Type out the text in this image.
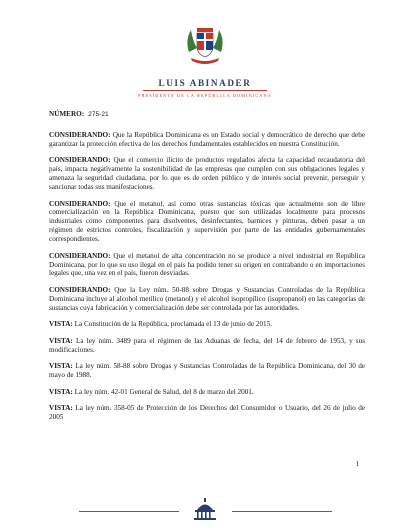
LUIS ABINADER
PRESIDENTE DE LA REPÚBLICA DOMINICANA
NÚMERO: 275-21

CONSIDERANDO: Que la República Dominicana es un Estado social y democrático de derecho que debe garantizar la protección efectiva de los derechos fundamentales establecidos en nuestra Constitución.

CONSIDERANDO: Que el comercio ilícito de productos regulados afecta la capacidad recaudatoria del país, impacta negativamente la sostenibilidad de las empresas que cumplen con sus obligaciones legales y amenaza la seguridad ciudadana, por lo que es de orden público y de interés social prevenir, perseguir y sancionar todas sus manifestaciones.

CONSIDERANDO: Que el metanol, así como otras sustancias tóxicas que actualmente son de libre comercialización en la República Dominicana, puesto que son utilizadas localmente para procesos industriales como componentes para disolventes, desinfectantes, barnices y pinturas, deben pasar a un régimen de estrictos controles, fiscalización y supervisión por parte de las entidades gubernamentales correspondientes.

CONSIDERANDO: Que el metanol de alta concentración no se produce a nivel industrial en República Dominicana, por lo que su uso ilegal en el país ha podido tener su origen en contrabando o en importaciones legales que, una vez en el país, fueron desviadas.

CONSIDERANDO: Que la Ley núm. 50-88 sobre Drogas y Sustancias Controladas de la República Dominicana incluye al alcohol metílico (metanol) y el alcohol isopropílico (isopropanol) en las categorías de sustancias cuya fabricación y comercialización debe ser controlada por las autoridades.

VISTA: La Constitución de la República, proclamada el 13 de junio de 2015.

VISTA: La ley núm. 3489 para el régimen de las Aduanas de fecha, del 14 de febrero de 1953, y sus modificaciones.

VISTA: La ley núm. 58-88 sobre Drogas y Sustancias Controladas de la República Dominicana, del 30 de mayo de 1988.

VISTA: La ley núm. 42-01 General de Salud, del 8 de marzo del 2001.

VISTA: La ley núm. 358-05 de Protección de los Derechos del Consumidor o Usuario, del 26 de julio de 2005

1
